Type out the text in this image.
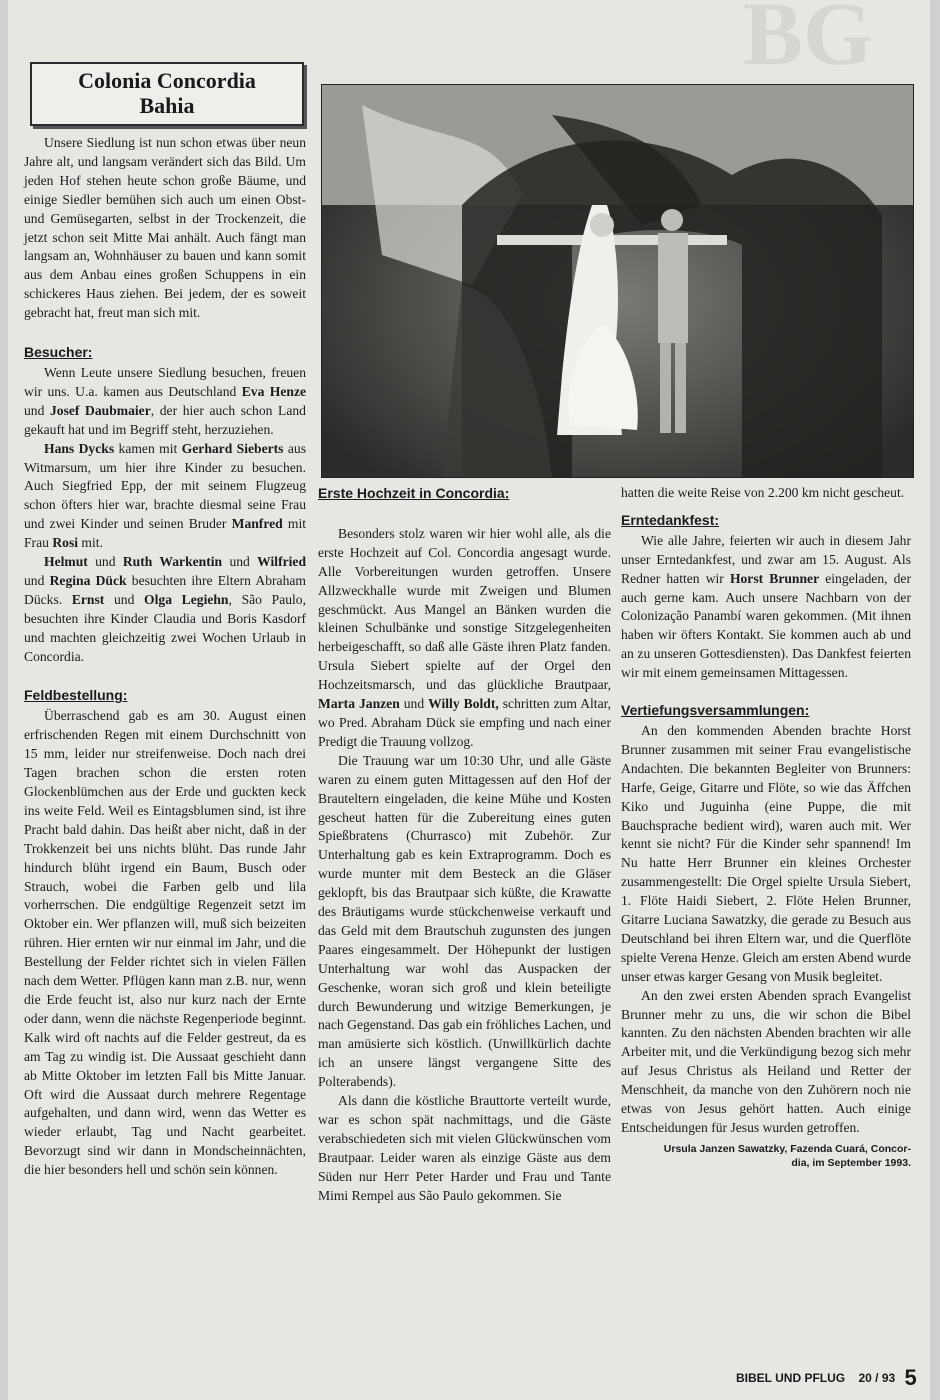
BG
Colonia Concordia
Bahia

Unsere Siedlung ist nun schon etwas über neun Jahre alt, und langsam verändert sich das Bild. Um jeden Hof stehen heute schon große Bäume, und einige Siedler bemühen sich auch um einen Obst- und Gemüsegarten, selbst in der Trockenzeit, die jetzt schon seit Mitte Mai anhält. Auch fängt man langsam an, Wohnhäuser zu bauen und kann somit aus dem Anbau eines großen Schuppens in ein schickeres Haus ziehen. Bei jedem, der es soweit gebracht hat, freut man sich mit.

Besucher:

Wenn Leute unsere Siedlung besuchen, freuen wir uns. U.a. kamen aus Deutschland Eva Henze und Josef Daubmaier, der hier auch schon Land gekauft hat und im Begriff steht, herzuziehen.

Hans Dycks kamen mit Gerhard Sieberts aus Witmarsum, um hier ihre Kinder zu besuchen. Auch Siegfried Epp, der mit seinem Flugzeug schon öfters hier war, brachte diesmal seine Frau und zwei Kinder und seinen Bruder Manfred mit Frau Rosi mit.

Helmut und Ruth Warkentin und Wilfried und Regina Dück besuchten ihre Eltern Abraham Dücks. Ernst und Olga Legiehn, São Paulo, besuchten ihre Kinder Claudia und Boris Kasdorf und machten gleichzeitig zwei Wochen Urlaub in Concordia.

Feldbestellung:

Überraschend gab es am 30. August einen erfrischenden Regen mit einem Durchschnitt von 15 mm, leider nur streifenweise. Doch nach drei Tagen brachen schon die ersten roten Glockenblümchen aus der Erde und guckten keck ins weite Feld. Weil es Eintagsblumen sind, ist ihre Pracht bald dahin. Das heißt aber nicht, daß in der Trokkenzeit bei uns nichts blüht. Das runde Jahr hindurch blüht irgend ein Baum, Busch oder Strauch, wobei die Farben gelb und lila vorherrschen. Die endgültige Regenzeit setzt im Oktober ein. Wer pflanzen will, muß sich beizeiten rühren. Hier ernten wir nur einmal im Jahr, und die Bestellung der Felder richtet sich in vielen Fällen nach dem Wetter. Pflügen kann man z.B. nur, wenn die Erde feucht ist, also nur kurz nach der Ernte oder dann, wenn die nächste Regenperiode beginnt. Kalk wird oft nachts auf die Felder gestreut, da es am Tag zu windig ist. Die Aussaat geschieht dann ab Mitte Oktober im letzten Fall bis Mitte Januar. Oft wird die Aussaat durch mehrere Regentage aufgehalten, und dann wird, wenn das Wetter es wieder erlaubt, Tag und Nacht gearbeitet. Bevorzugt sind wir dann in Mondscheinnächten, die hier besonders hell und schön sein können.

Erste Hochzeit in Concordia:

Besonders stolz waren wir hier wohl alle, als die erste Hochzeit auf Col. Concordia angesagt wurde. Alle Vorbereitungen wurden getroffen. Unsere Allzweckhalle wurde mit Zweigen und Blumen geschmückt. Aus Mangel an Bänken wurden die kleinen Schulbänke und sonstige Sitzgelegenheiten herbeigeschafft, so daß alle Gäste ihren Platz fanden. Ursula Siebert spielte auf der Orgel den Hochzeitsmarsch, und das glückliche Brautpaar, Marta Janzen und Willy Boldt, schritten zum Altar, wo Pred. Abraham Dück sie empfing und nach einer Predigt die Trauung vollzog.

Die Trauung war um 10:30 Uhr, und alle Gäste waren zu einem guten Mittagessen auf den Hof der Brauteltern eingeladen, die keine Mühe und Kosten gescheut hatten für die Zubereitung eines guten Spießbratens (Churrasco) mit Zubehör. Zur Unterhaltung gab es kein Extraprogramm. Doch es wurde munter mit dem Besteck an die Gläser geklopft, bis das Brautpaar sich küßte, die Krawatte des Bräutigams wurde stückchenweise verkauft und das Geld mit dem Brautschuh zugunsten des jungen Paares eingesammelt. Der Höhepunkt der lustigen Unterhaltung war wohl das Auspacken der Geschenke, woran sich groß und klein beteiligte durch Bewunderung und witzige Bemerkungen, je nach Gegenstand. Das gab ein fröhliches Lachen, und man amüsierte sich köstlich. (Unwillkürlich dachte ich an unsere längst vergangene Sitte des Polterabends).

Als dann die köstliche Brauttorte verteilt wurde, war es schon spät nachmittags, und die Gäste verabschiedeten sich mit vielen Glückwünschen vom Brautpaar. Leider waren als einzige Gäste aus dem Süden nur Herr Peter Harder und Frau und Tante Mimi Rempel aus São Paulo gekommen. Sie

hatten die weite Reise von 2.200 km nicht gescheut.

Erntedankfest:

Wie alle Jahre, feierten wir auch in diesem Jahr unser Erntedankfest, und zwar am 15. August. Als Redner hatten wir Horst Brunner eingeladen, der auch gerne kam. Auch unsere Nachbarn von der Colonização Panambí waren gekommen. (Mit ihnen haben wir öfters Kontakt. Sie kommen auch ab und an zu unseren Gottesdiensten). Das Dankfest feierten wir mit einem gemeinsamen Mittagessen.

Vertiefungsversammlungen:

An den kommenden Abenden brachte Horst Brunner zusammen mit seiner Frau evangelistische Andachten. Die bekannten Begleiter von Brunners: Harfe, Geige, Gitarre und Flöte, so wie das Äffchen Kiko und Juguinha (eine Puppe, die mit Bauchsprache bedient wird), waren auch mit. Wer kennt sie nicht? Für die Kinder sehr spannend! Im Nu hatte Herr Brunner ein kleines Orchester zusammengestellt: Die Orgel spielte Ursula Siebert, 1. Flöte Haidi Siebert, 2. Flöte Helen Brunner, Gitarre Luciana Sawatzky, die gerade zu Besuch aus Deutschland bei ihren Eltern war, und die Querflöte spielte Verena Henze. Gleich am ersten Abend wurde unser etwas karger Gesang von Musik begleitet.

An den zwei ersten Abenden sprach Evangelist Brunner mehr zu uns, die wir schon die Bibel kannten. Zu den nächsten Abenden brachten wir alle Arbeiter mit, und die Verkündigung bezog sich mehr auf Jesus Christus als Heiland und Retter der Menschheit, da manche von den Zuhörern noch nie etwas von Jesus gehört hatten. Auch einige Entscheidungen für Jesus wurden getroffen.

Ursula Janzen Sawatzky, Fazenda Cuará, Concor-

dia, im September 1993.

BIBEL UND PFLUG 20 / 93 5
